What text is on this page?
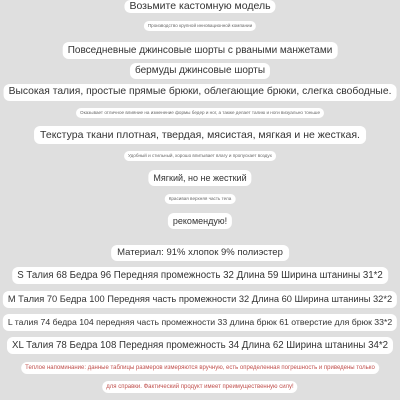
Возьмите кастомную модель
Производство крупной инновационной компании
Повседневные джинсовые шорты с рваными манжетами
бермуды джинсовые шорты
Высокая талия, простые прямые брюки, облегающие брюки, слегка свободные.
Оказывает отличное влияние на изменение формы бедер и ног, а также делает талию и ноги визуально тоньше
Текстура ткани плотная, твердая, мясистая, мягкая и не жесткая.
Удобный и стильный, хорошо впитывает влагу и пропускает воздух
Мягкий, но не жесткий
Красивая верхняя часть тела
рекомендую!
Материал: 91% хлопок 9% полиэстер
S Талия 68 Бедра 96 Передняя промежность 32 Длина 59 Ширина штанины 31*2
M Талия 70 Бедра 100 Передняя часть промежности 32 Длина 60 Ширина штанины 32*2
L талия 74 бедра 104 передняя часть промежности 33 длина брюк 61 отверстие для брюк 33*2
XL Талия 78 Бедра 108 Передняя промежность 34 Длина 62 Ширина штанины 34*2
Теплое напоминание: данные таблицы размеров измеряются вручную, есть определенная погрешность и приведены только
для справки. Фактический продукт имеет преимущественную силу!
